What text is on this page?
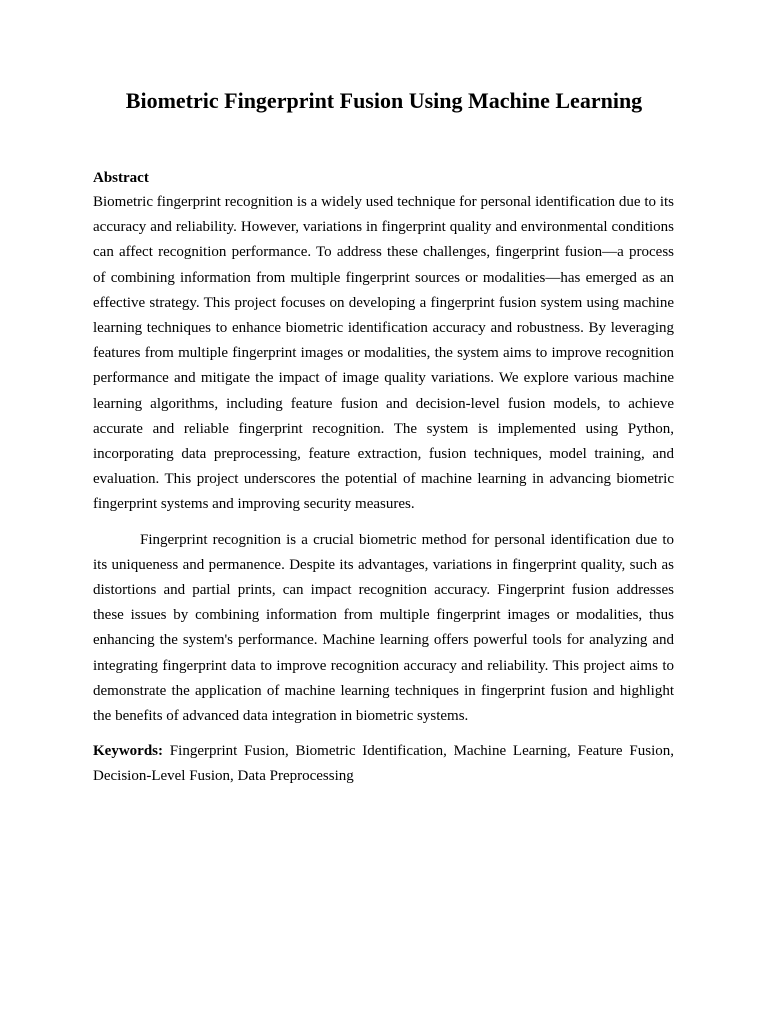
Biometric Fingerprint Fusion Using Machine Learning

Abstract

Biometric fingerprint recognition is a widely used technique for personal identification due to its accuracy and reliability. However, variations in fingerprint quality and environmental conditions can affect recognition performance. To address these challenges, fingerprint fusion—a process of combining information from multiple fingerprint sources or modalities—has emerged as an effective strategy. This project focuses on developing a fingerprint fusion system using machine learning techniques to enhance biometric identification accuracy and robustness. By leveraging features from multiple fingerprint images or modalities, the system aims to improve recognition performance and mitigate the impact of image quality variations. We explore various machine learning algorithms, including feature fusion and decision-level fusion models, to achieve accurate and reliable fingerprint recognition. The system is implemented using Python, incorporating data preprocessing, feature extraction, fusion techniques, model training, and evaluation. This project underscores the potential of machine learning in advancing biometric fingerprint systems and improving security measures.

Fingerprint recognition is a crucial biometric method for personal identification due to its uniqueness and permanence. Despite its advantages, variations in fingerprint quality, such as distortions and partial prints, can impact recognition accuracy. Fingerprint fusion addresses these issues by combining information from multiple fingerprint images or modalities, thus enhancing the system's performance. Machine learning offers powerful tools for analyzing and integrating fingerprint data to improve recognition accuracy and reliability. This project aims to demonstrate the application of machine learning techniques in fingerprint fusion and highlight the benefits of advanced data integration in biometric systems.

Keywords: Fingerprint Fusion, Biometric Identification, Machine Learning, Feature Fusion, Decision-Level Fusion, Data Preprocessing
